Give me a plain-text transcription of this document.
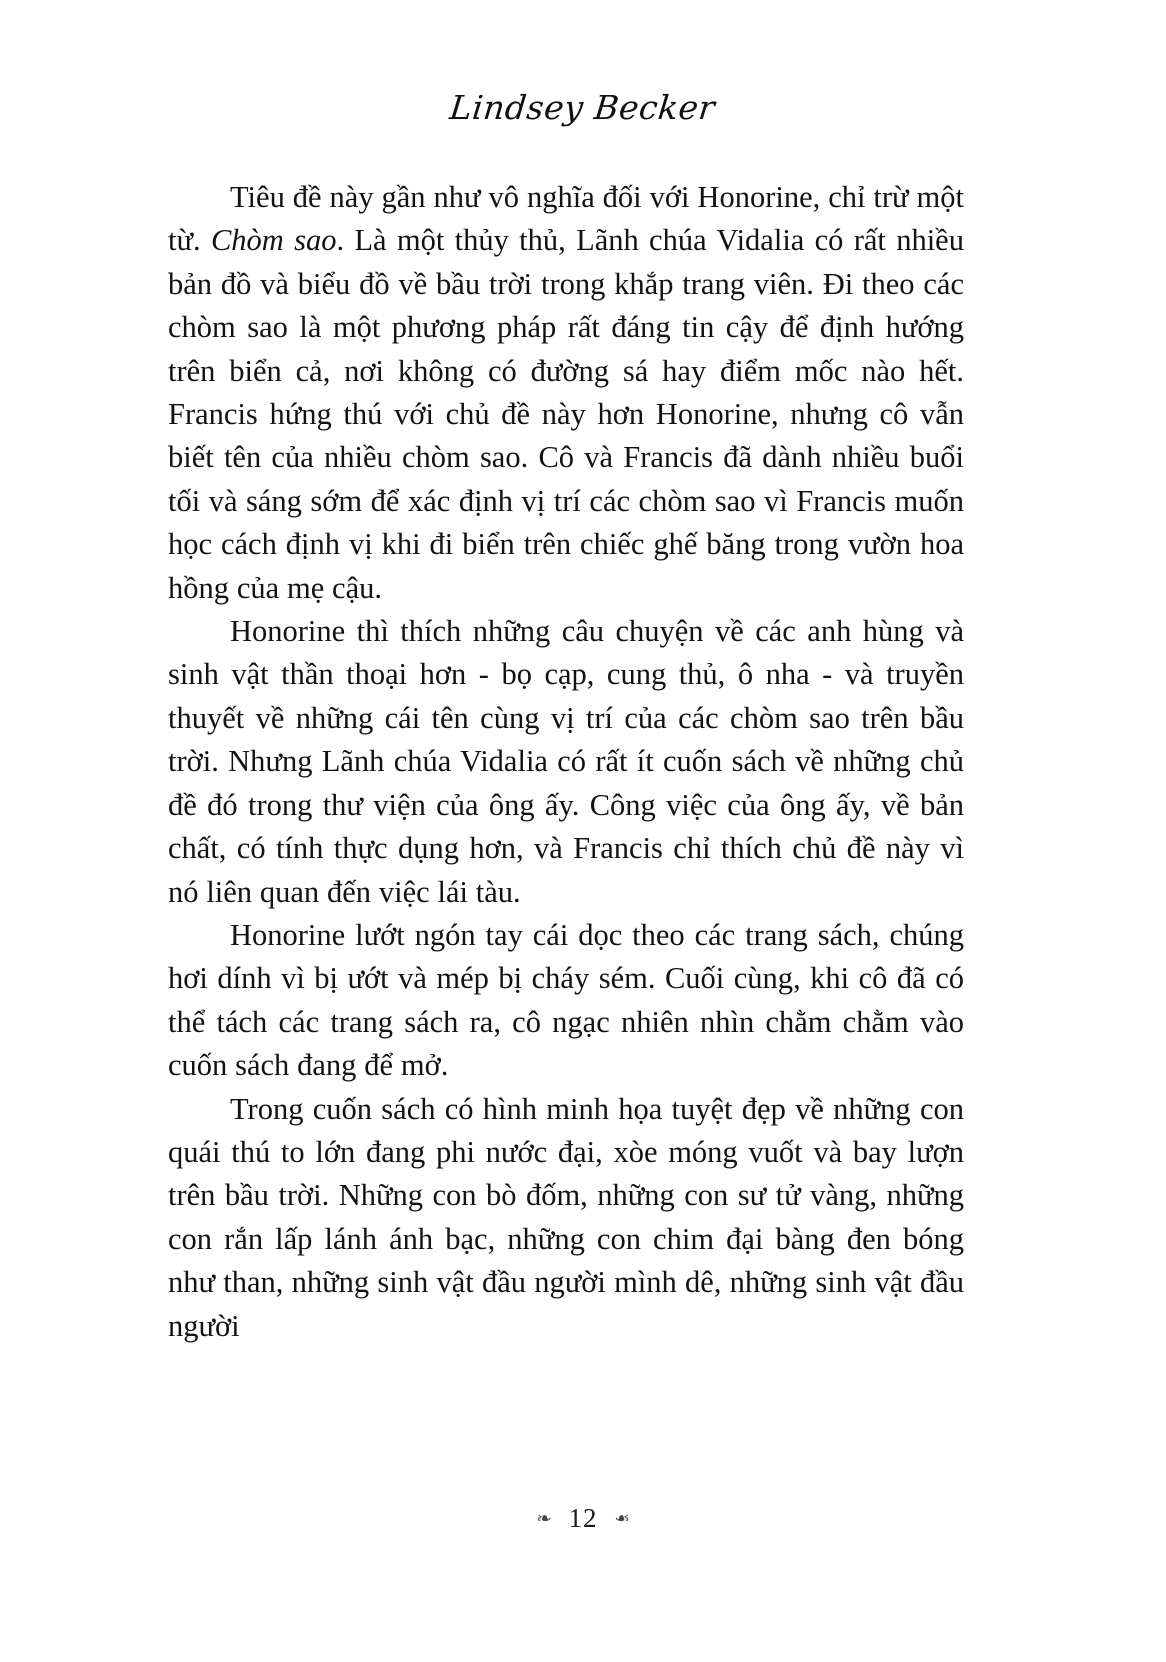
Lindsey Becker

Tiêu đề này gần như vô nghĩa đối với Honorine, chỉ trừ một từ. Chòm sao. Là một thủy thủ, Lãnh chúa Vidalia có rất nhiều bản đồ và biểu đồ về bầu trời trong khắp trang viên. Đi theo các chòm sao là một phương pháp rất đáng tin cậy để định hướng trên biển cả, nơi không có đường sá hay điểm mốc nào hết. Francis hứng thú với chủ đề này hơn Honorine, nhưng cô vẫn biết tên của nhiều chòm sao. Cô và Francis đã dành nhiều buổi tối và sáng sớm để xác định vị trí các chòm sao vì Francis muốn học cách định vị khi đi biển trên chiếc ghế băng trong vườn hoa hồng của mẹ cậu.

Honorine thì thích những câu chuyện về các anh hùng và sinh vật thần thoại hơn - bọ cạp, cung thủ, ô nha - và truyền thuyết về những cái tên cùng vị trí của các chòm sao trên bầu trời. Nhưng Lãnh chúa Vidalia có rất ít cuốn sách về những chủ đề đó trong thư viện của ông ấy. Công việc của ông ấy, về bản chất, có tính thực dụng hơn, và Francis chỉ thích chủ đề này vì nó liên quan đến việc lái tàu.

Honorine lướt ngón tay cái dọc theo các trang sách, chúng hơi dính vì bị ướt và mép bị cháy sém. Cuối cùng, khi cô đã có thể tách các trang sách ra, cô ngạc nhiên nhìn chằm chằm vào cuốn sách đang để mở.

Trong cuốn sách có hình minh họa tuyệt đẹp về những con quái thú to lớn đang phi nước đại, xòe móng vuốt và bay lượn trên bầu trời. Những con bò đốm, những con sư tử vàng, những con rắn lấp lánh ánh bạc, những con chim đại bàng đen bóng như than, những sinh vật đầu người mình dê, những sinh vật đầu người

❧ 12 ❧
